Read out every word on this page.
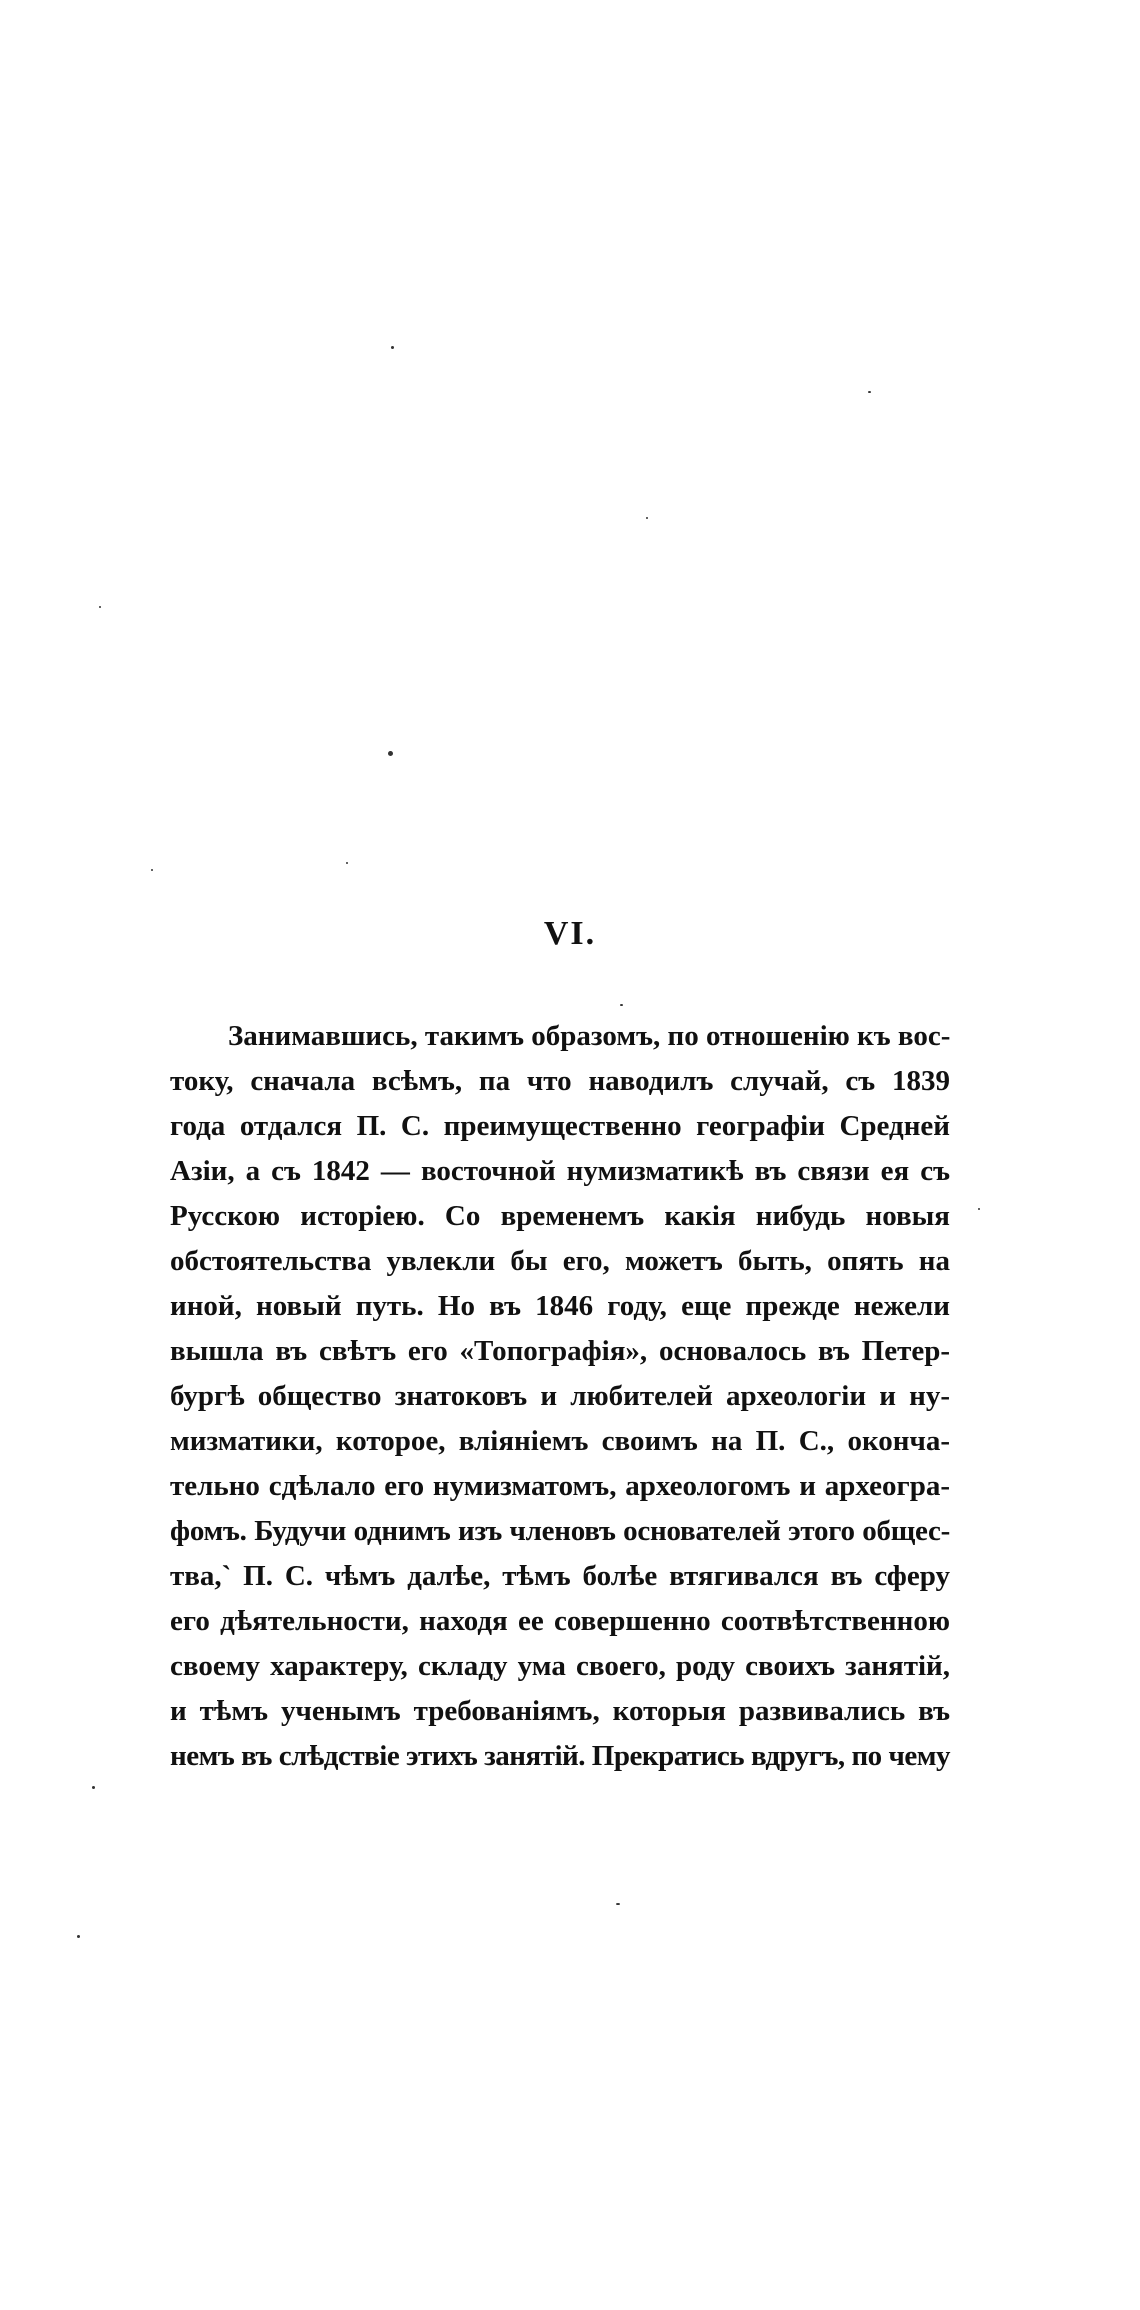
VI.
Занимавшись, такимъ образомъ, по отношенію къ вос-
току, сначала всѣмъ, па что наводилъ случай, съ 1839
года отдался П. С. преимущественно географіи Средней
Азіи, а съ 1842 — восточной нумизматикѣ въ связи ея съ
Русскою исторіею. Со временемъ какія нибудь новыя
обстоятельства увлекли бы его, можетъ быть, опять на
иной, новый путь. Но въ 1846 году, еще прежде нежели
вышла въ свѣтъ его «Топографія», основалось въ Петер-
бургѣ общество знатоковъ и любителей археологіи и ну-
мизматики, которое, вліяніемъ своимъ на П. С., оконча-
тельно сдѣлало его нумизматомъ, археологомъ и археогра-
фомъ. Будучи однимъ изъ членовъ основателей этого общес-
тва,` П. С. чѣмъ далѣе, тѣмъ болѣе втягивался въ сферу
его дѣятельности, находя ее совершенно соотвѣтственною
своему характеру, складу ума своего, роду своихъ занятій,
и тѣмъ ученымъ требованіямъ, которыя развивались въ
немъ въ слѣдствіе этихъ занятій. Прекратись вдругъ, по чему
